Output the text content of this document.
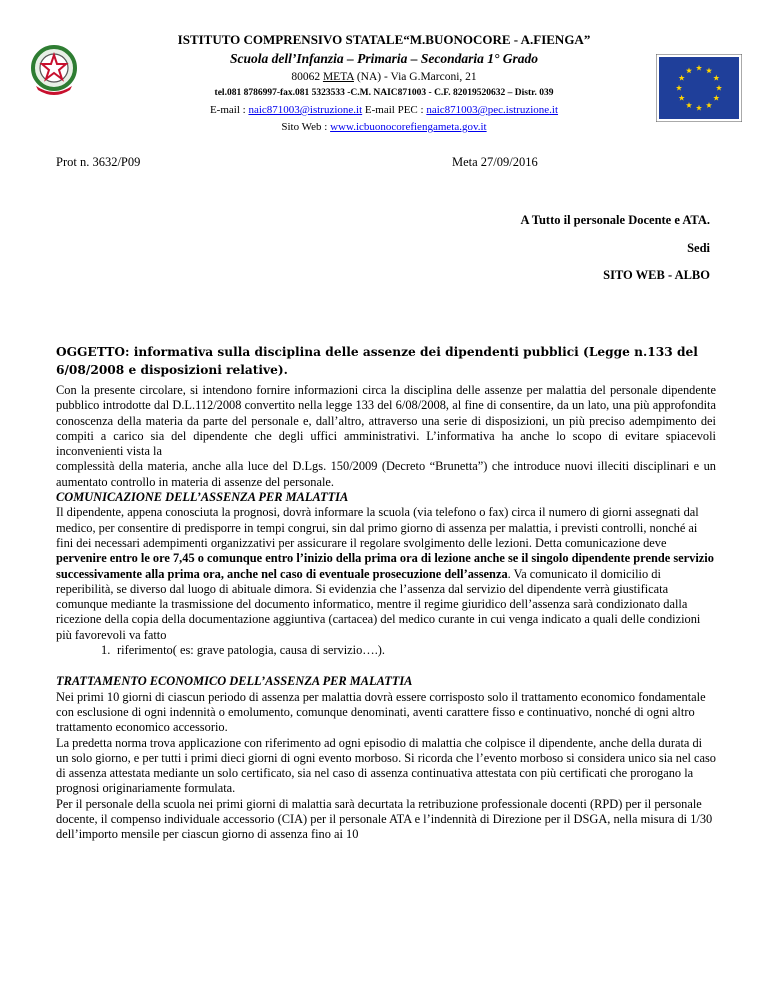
ISTITUTO COMPRENSIVO STATALE“M.BUONOCORE - A.FIENGA”
Scuola dell’Infanzia – Primaria – Secondaria 1° Grado
80062 META (NA) - Via G.Marconi, 21
tel.081 8786997-fax.081 5323533 -C.M. NAIC871003 - C.F. 82019520632 – Distr. 039
E-mail : naic871003@istruzione.it E-mail PEC : naic871003@pec.istruzione.it
Sito Web : www.icbuonocorefiengameta.gov.it
Prot n. 3632/P09	Meta 27/09/2016
A Tutto il personale Docente e ATA.
Sedi
SITO WEB - ALBO
OGGETTO: informativa sulla disciplina delle assenze dei dipendenti pubblici (Legge n.133 del 6/08/2008 e disposizioni relative).

Con la presente circolare, si intendono fornire informazioni circa la disciplina delle assenze per malattia del personale dipendente pubblico introdotte dal D.L.112/2008 convertito nella legge 133 del 6/08/2008, al fine di consentire, da un lato, una più approfondita conoscenza della materia da parte del personale e, dall’altro, attraverso una serie di disposizioni, un più preciso adempimento dei compiti a carico sia del dipendente che degli uffici amministrativi. L’informativa ha anche lo scopo di evitare spiacevoli inconvenienti vista la

complessità della materia, anche alla luce del D.Lgs. 150/2009 (Decreto “Brunetta”) che introduce nuovi illeciti disciplinari e un aumentato controllo in materia di assenze del personale.

COMUNICAZIONE DELL’ASSENZA PER MALATTIA

Il dipendente, appena conosciuta la prognosi, dovrà informare la scuola (via telefono o fax) circa il numero di giorni assegnati dal medico, per consentire di predisporre in tempi congrui, sin dal primo giorno di assenza per malattia, i previsti controlli, nonché ai fini dei necessari adempimenti organizzativi per assicurare il regolare svolgimento delle lezioni. Detta comunicazione deve pervenire entro le ore 7,45 o comunque entro l’inizio della prima ora di lezione anche se il singolo dipendente prende servizio successivamente alla prima ora, anche nel caso di eventuale prosecuzione dell’assenza. Va comunicato il domicilio di reperibilità, se diverso dal luogo di abituale dimora. Si evidenzia che l’assenza dal servizio del dipendente verrà giustificata comunque mediante la trasmissione del documento informatico, mentre il regime giuridico dell’assenza sarà condizionato dalla ricezione della copia della documentazione aggiuntiva (cartacea) del medico curante in cui venga indicato a quali delle condizioni più favorevoli va fatto

1. riferimento( es: grave patologia, causa di servizio….).

TRATTAMENTO ECONOMICO DELL’ASSENZA PER MALATTIA

Nei primi 10 giorni di ciascun periodo di assenza per malattia dovrà essere corrisposto solo il trattamento economico fondamentale con esclusione di ogni indennità o emolumento, comunque denominati, aventi carattere fisso e continuativo, nonché di ogni altro trattamento economico accessorio.

La predetta norma trova applicazione con riferimento ad ogni episodio di malattia che colpisce il dipendente, anche della durata di un solo giorno, e per tutti i primi dieci giorni di ogni evento morboso. Si ricorda che l’evento morboso si considera unico sia nel caso di assenza attestata mediante un solo certificato, sia nel caso di assenza continuativa attestata con più certificati che prorogano la prognosi originariamente formulata.

Per il personale della scuola nei primi giorni di malattia sarà decurtata la retribuzione professionale docenti (RPD) per il personale docente, il compenso individuale accessorio (CIA) per il personale ATA e l’indennità di Direzione per il DSGA, nella misura di 1/30 dell’importo mensile per ciascun giorno di assenza fino ai 10
